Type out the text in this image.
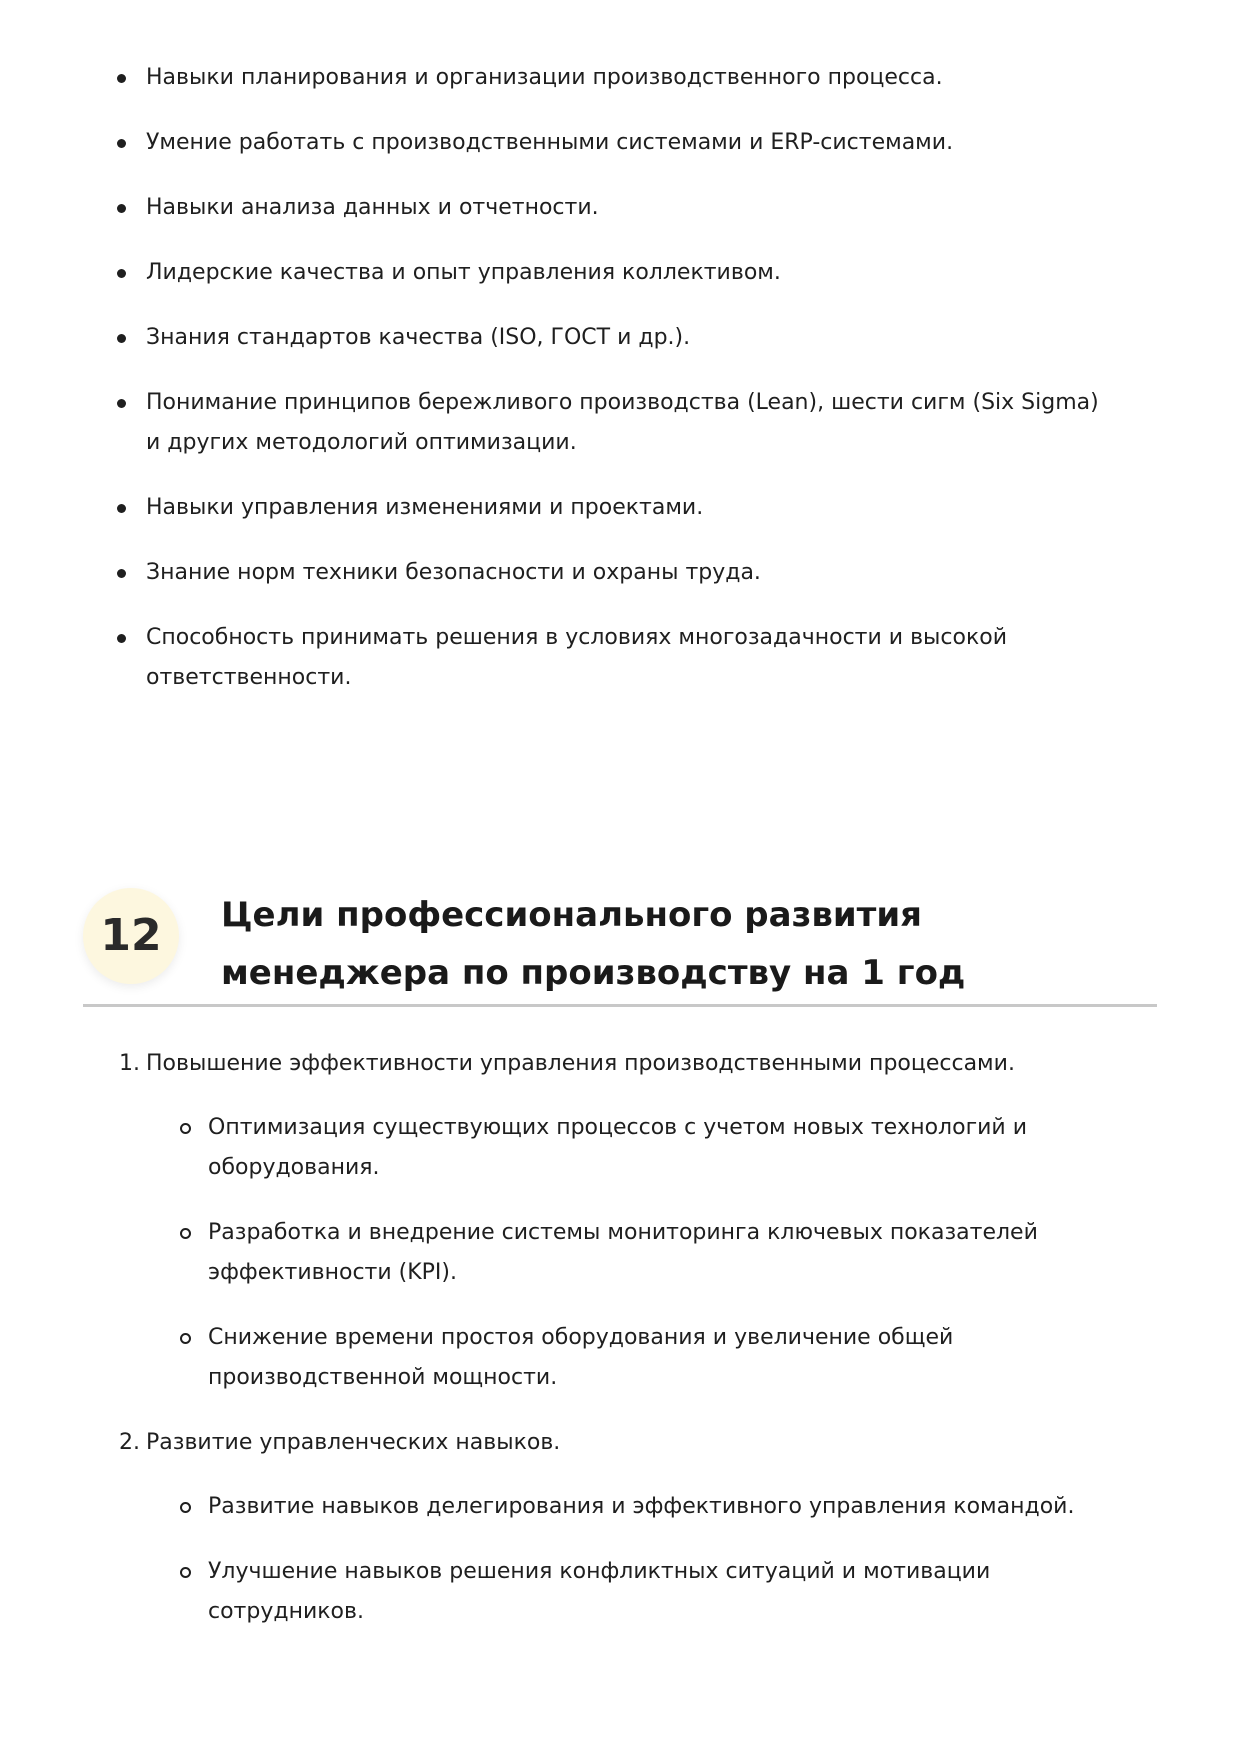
Навыки планирования и организации производственного процесса.
Умение работать с производственными системами и ERP-системами.
Навыки анализа данных и отчетности.
Лидерские качества и опыт управления коллективом.
Знания стандартов качества (ISO, ГОСТ и др.).
Понимание принципов бережливого производства (Lean), шести сигм (Six Sigma) и других методологий оптимизации.
Навыки управления изменениями и проектами.
Знание норм техники безопасности и охраны труда.
Способность принимать решения в условиях многозадачности и высокой ответственности.
12	Цели профессионального развития менеджера по производству на 1 год
1. Повышение эффективности управления производственными процессами.
Оптимизация существующих процессов с учетом новых технологий и оборудования.
Разработка и внедрение системы мониторинга ключевых показателей эффективности (KPI).
Снижение времени простоя оборудования и увеличение общей производственной мощности.
2. Развитие управленческих навыков.
Развитие навыков делегирования и эффективного управления командой.
Улучшение навыков решения конфликтных ситуаций и мотивации сотрудников.
